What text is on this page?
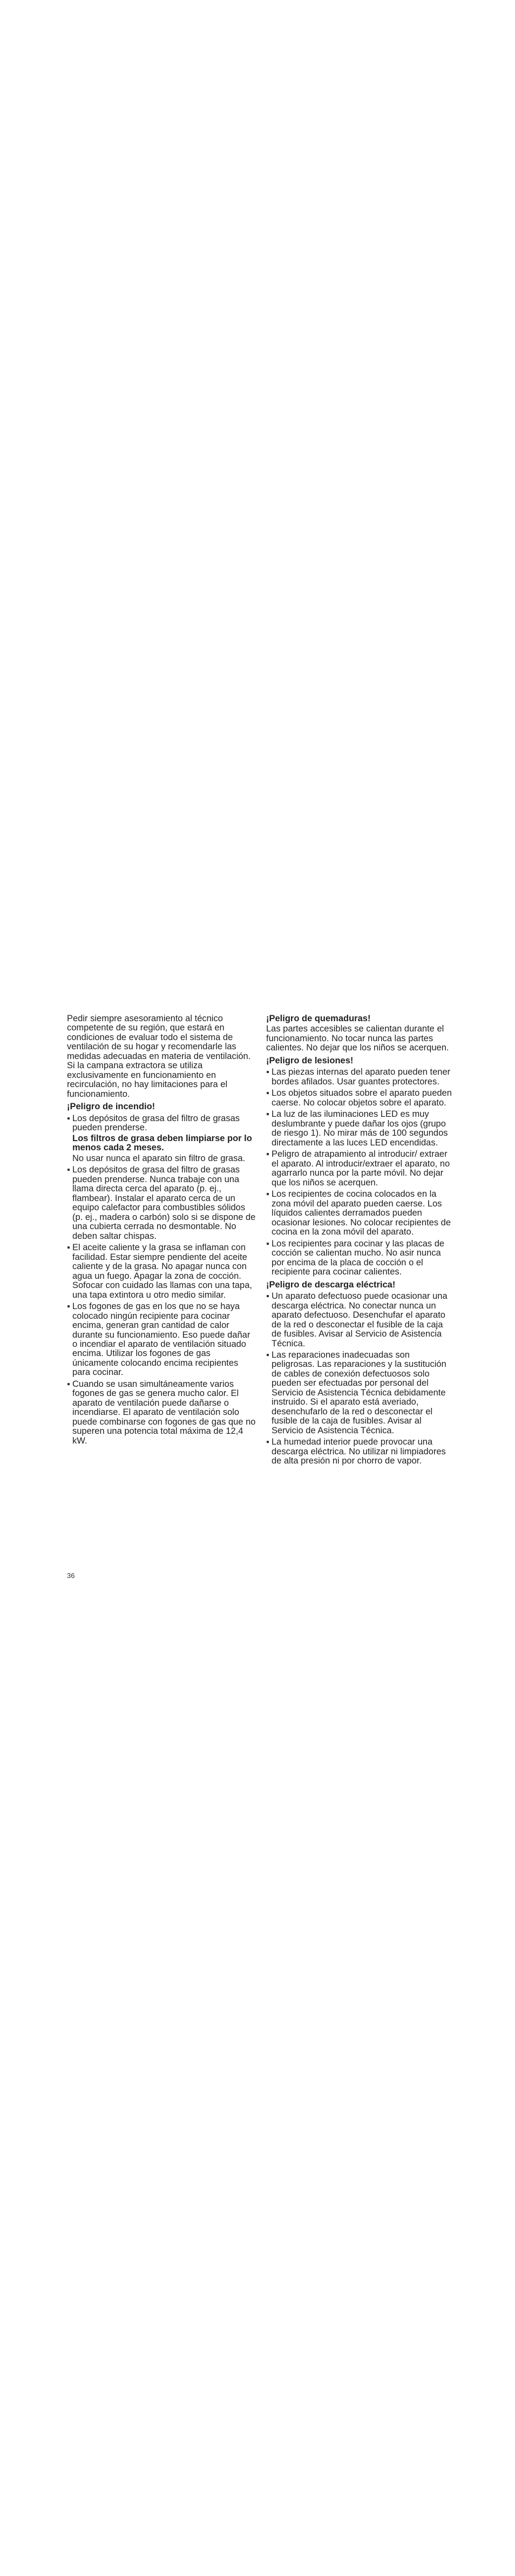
Pedir siempre asesoramiento al técnico competente de su región, que estará en condiciones de evaluar todo el sistema de ventilación de su hogar y recomendarle las medidas adecuadas en materia de ventilación.

Si la campana extractora se utiliza exclusivamente en funcionamiento en recirculación, no hay limitaciones para el funcionamiento.

¡Peligro de incendio!

Los depósitos de grasa del filtro de grasas pueden prenderse.

Los filtros de grasa deben limpiarse por lo menos cada 2 meses.

No usar nunca el aparato sin filtro de grasa.

Los depósitos de grasa del filtro de grasas pueden prenderse. Nunca trabaje con una llama directa cerca del aparato (p. ej., flambear). Instalar el aparato cerca de un equipo calefactor para combustibles sólidos (p. ej., madera o carbón) solo si se dispone de una cubierta cerrada no desmontable. No deben saltar chispas.
El aceite caliente y la grasa se inflaman con facilidad. Estar siempre pendiente del aceite caliente y de la grasa. No apagar nunca con agua un fuego. Apagar la zona de cocción. Sofocar con cuidado las llamas con una tapa, una tapa extintora u otro medio similar.
Los fogones de gas en los que no se haya colocado ningún recipiente para cocinar encima, generan gran cantidad de calor durante su funcionamiento. Eso puede dañar o incendiar el aparato de ventilación situado encima. Utilizar los fogones de gas únicamente colocando encima recipientes para cocinar.
Cuando se usan simultáneamente varios fogones de gas se genera mucho calor. El aparato de ventilación puede dañarse o incendiarse. El aparato de ventilación solo puede combinarse con fogones de gas que no superen una potencia total máxima de 12,4 kW.

¡Peligro de quemaduras!

Las partes accesibles se calientan durante el funcionamiento. No tocar nunca las partes calientes. No dejar que los niños se acerquen.

¡Peligro de lesiones!

Las piezas internas del aparato pueden tener bordes afilados. Usar guantes protectores.
Los objetos situados sobre el aparato pueden caerse. No colocar objetos sobre el aparato.
La luz de las iluminaciones LED es muy deslumbrante y puede dañar los ojos (grupo de riesgo 1). No mirar más de 100 segundos directamente a las luces LED encendidas.
Peligro de atrapamiento al introducir/ extraer el aparato. Al introducir/extraer el aparato, no agarrarlo nunca por la parte móvil. No dejar que los niños se acerquen.
Los recipientes de cocina colocados en la zona móvil del aparato pueden caerse. Los líquidos calientes derramados pueden ocasionar lesiones. No colocar recipientes de cocina en la zona móvil del aparato.
Los recipientes para cocinar y las placas de cocción se calientan mucho. No asir nunca por encima de la placa de cocción o el recipiente para cocinar calientes.

¡Peligro de descarga eléctrica!

Un aparato defectuoso puede ocasionar una descarga eléctrica. No conectar nunca un aparato defectuoso. Desenchufar el aparato de la red o desconectar el fusible de la caja de fusibles. Avisar al Servicio de Asistencia Técnica.
Las reparaciones inadecuadas son peligrosas. Las reparaciones y la sustitución de cables de conexión defectuosos solo pueden ser efectuadas por personal del Servicio de Asistencia Técnica debidamente instruido. Si el aparato está averiado, desenchufarlo de la red o desconectar el fusible de la caja de fusibles. Avisar al Servicio de Asistencia Técnica.
La humedad interior puede provocar una descarga eléctrica. No utilizar ni limpiadores de alta presión ni por chorro de vapor.
36
